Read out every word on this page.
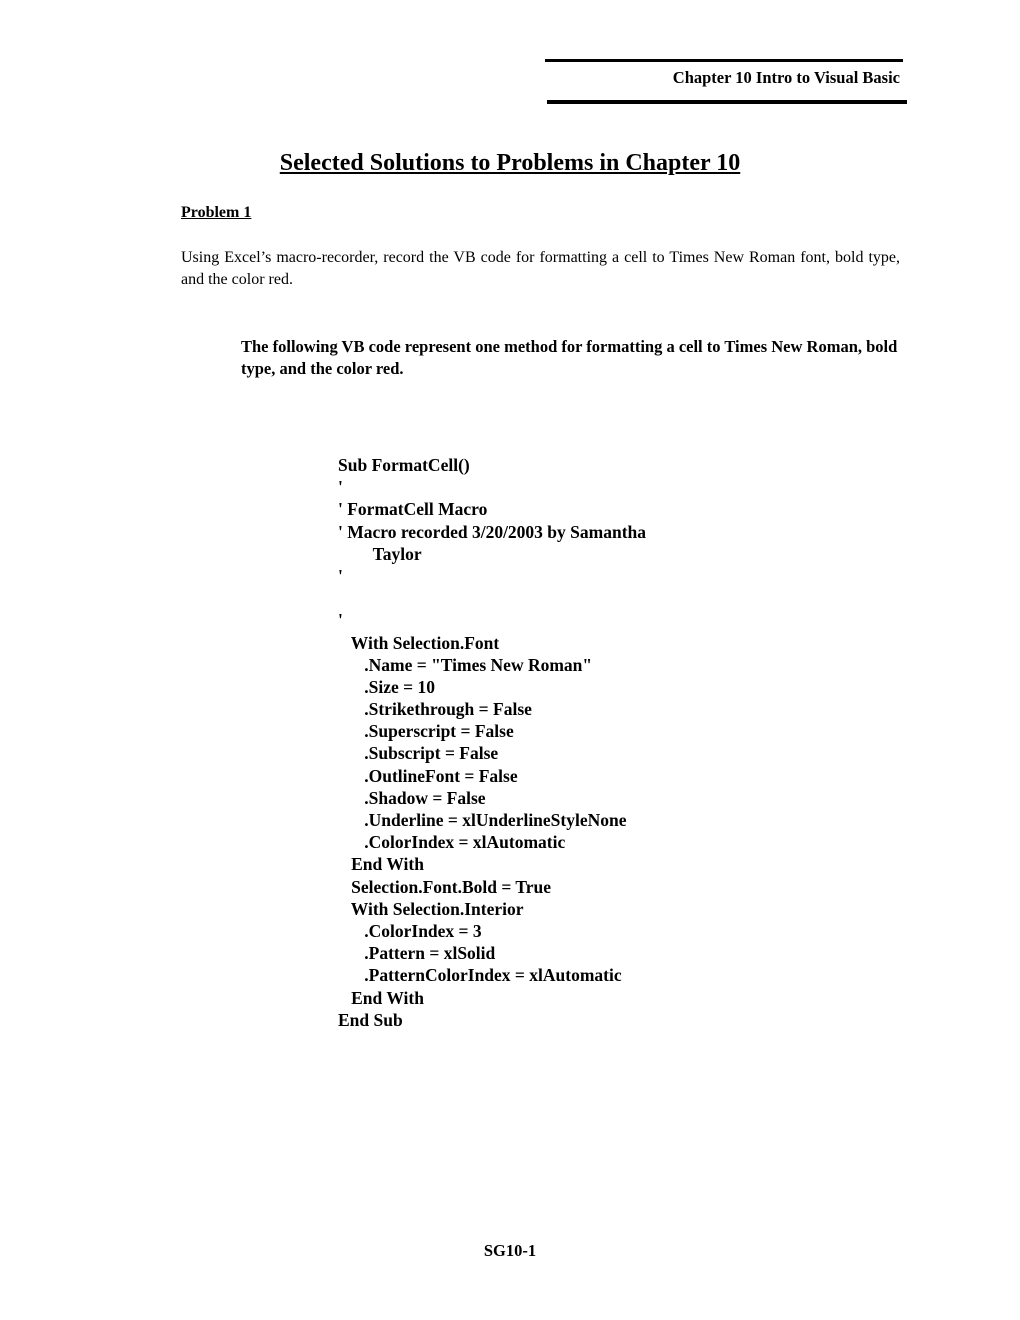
Chapter 10 Intro to Visual Basic
Selected Solutions to Problems in Chapter 10
Problem 1

Using Excel’s macro-recorder, record the VB code for formatting a cell to Times New Roman font, bold type, and the color red.

The following VB code represent one method for formatting a cell to Times New Roman, bold type, and the color red.

Sub FormatCell()
'
' FormatCell Macro
' Macro recorded 3/20/2003 by Samantha
Taylor
'
'
With Selection.Font
.Name = "Times New Roman"
.Size = 10
.Strikethrough = False
.Superscript = False
.Subscript = False
.OutlineFont = False
.Shadow = False
.Underline = xlUnderlineStyleNone
.ColorIndex = xlAutomatic
End With
Selection.Font.Bold = True
With Selection.Interior
.ColorIndex = 3
.Pattern = xlSolid
.PatternColorIndex = xlAutomatic
End With
End Sub
SG10-1
